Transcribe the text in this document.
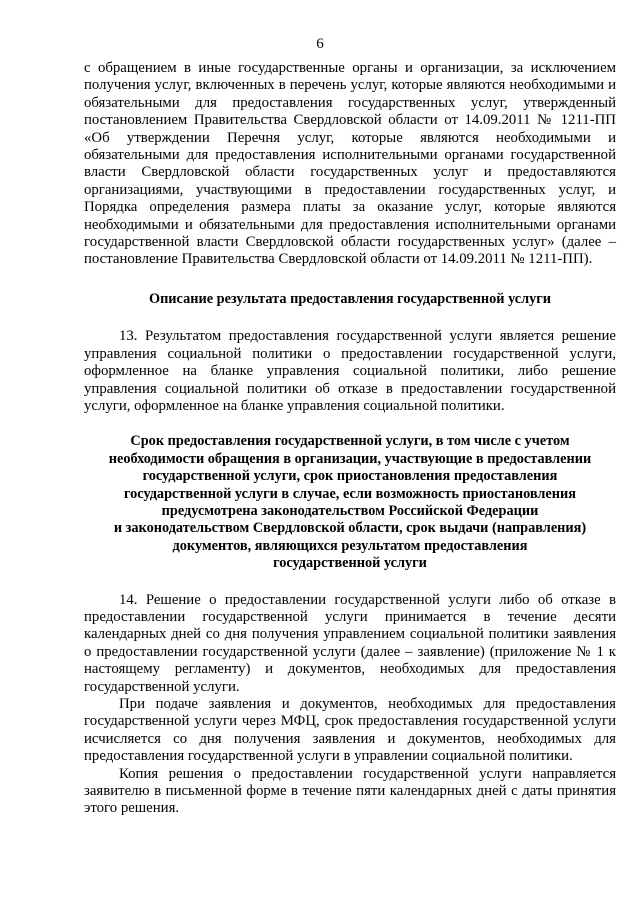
6

с обращением в иные государственные органы и организации, за исключением получения услуг, включенных в перечень услуг, которые являются необходимыми и обязательными для предоставления государственных услуг, утвержденный постановлением Правительства Свердловской области от 14.09.2011 № 1211-ПП «Об утверждении Перечня услуг, которые являются необходимыми и обязательными для предоставления исполнительными органами государственной власти Свердловской области государственных услуг и предоставляются организациями, участвующими в предоставлении государственных услуг, и Порядка определения размера платы за оказание услуг, которые являются необходимыми и обязательными для предоставления исполнительными органами государственной власти Свердловской области государственных услуг» (далее – постановление Правительства Свердловской области от 14.09.2011 № 1211-ПП).

Описание результата предоставления государственной услуги

13. Результатом предоставления государственной услуги является решение управления социальной политики о предоставлении государственной услуги, оформленное на бланке управления социальной политики, либо решение управления социальной политики об отказе в предоставлении государственной услуги, оформленное на бланке управления социальной политики.

Срок предоставления государственной услуги, в том числе с учетом
необходимости обращения в организации, участвующие в предоставлении
государственной услуги, срок приостановления предоставления
государственной услуги в случае, если возможность приостановления
предусмотрена законодательством Российской Федерации
и законодательством Свердловской области, срок выдачи (направления)
документов, являющихся результатом предоставления
государственной услуги

14. Решение о предоставлении государственной услуги либо об отказе в предоставлении государственной услуги принимается в течение десяти календарных дней со дня получения управлением социальной политики заявления о предоставлении государственной услуги (далее – заявление) (приложение № 1 к настоящему регламенту) и документов, необходимых для предоставления государственной услуги.

При подаче заявления и документов, необходимых для предоставления государственной услуги через МФЦ, срок предоставления государственной услуги исчисляется со дня получения заявления и документов, необходимых для предоставления государственной услуги в управлении социальной политики.

Копия решения о предоставлении государственной услуги направляется заявителю в письменной форме в течение пяти календарных дней с даты принятия этого решения.
